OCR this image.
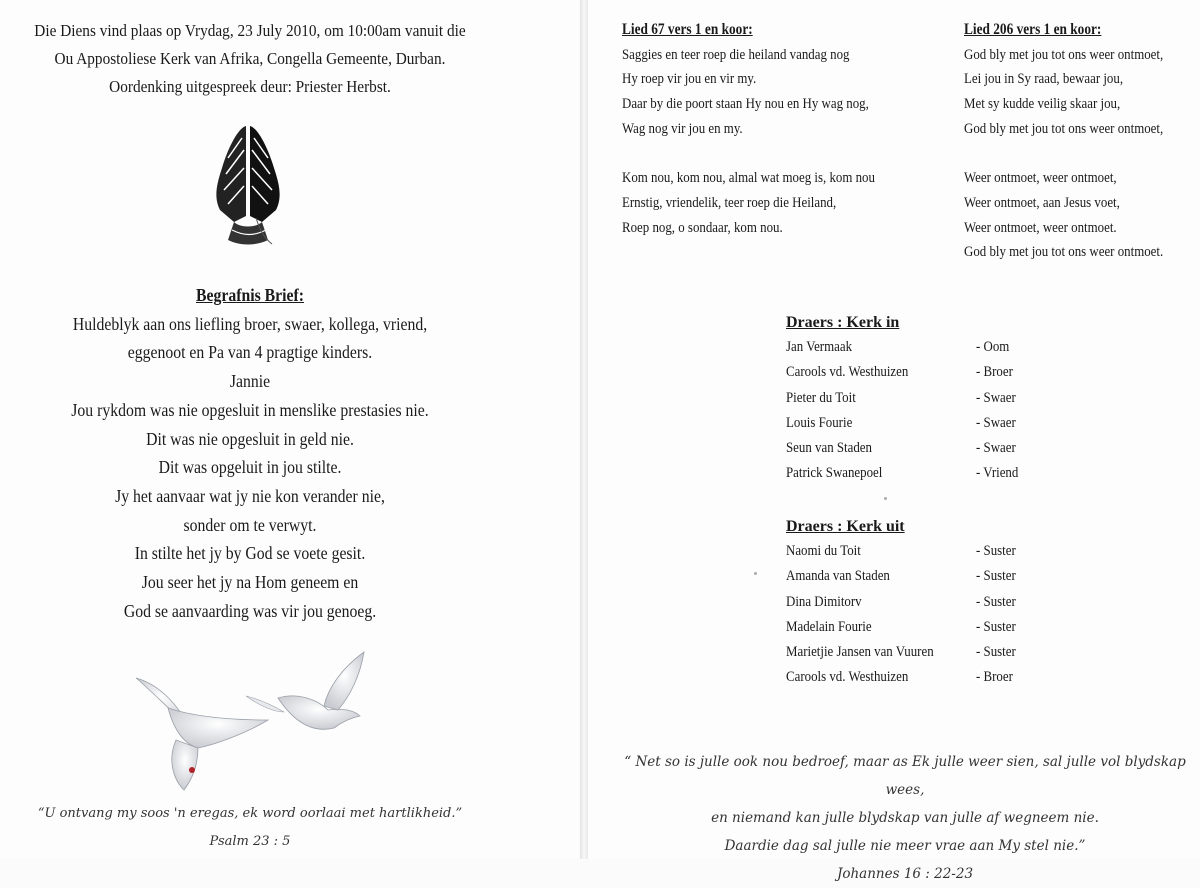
Die Diens vind plaas op Vrydag, 23 July 2010, om 10:00am vanuit die
Ou Appostoliese Kerk van Afrika, Congella Gemeente, Durban.
Oordenking uitgespreek deur: Priester Herbst.
Begrafnis Brief:
Huldeblyk aan ons liefling broer, swaer, kollega, vriend,
eggenoot en Pa van 4 pragtige kinders.
Jannie
Jou rykdom was nie opgesluit in menslike prestasies nie.
Dit was nie opgesluit in geld nie.
Dit was opgeluit in jou stilte.
Jy het aanvaar wat jy nie kon verander nie,
sonder om te verwyt.
In stilte het jy by God se voete gesit.
Jou seer het jy na Hom geneem en
God se aanvaarding was vir jou genoeg.
“U ontvang my soos 'n eregas, ek word oorlaai met hartlikheid.”
Psalm 23 : 5
Lied 67 vers 1 en koor:
Saggies en teer roep die heiland vandag nog
Hy roep vir jou en vir my.
Daar by die poort staan Hy nou en Hy wag nog,
Wag nog vir jou en my.
Kom nou, kom nou, almal wat moeg is, kom nou
Ernstig, vriendelik, teer roep die Heiland,
Roep nog, o sondaar, kom nou.
Lied 206 vers 1 en koor:
God bly met jou tot ons weer ontmoet,
Lei jou in Sy raad, bewaar jou,
Met sy kudde veilig skaar jou,
God bly met jou tot ons weer ontmoet,
Weer ontmoet, weer ontmoet,
Weer ontmoet, aan Jesus voet,
Weer ontmoet, weer ontmoet.
God bly met jou tot ons weer ontmoet.
Draers : Kerk in
Jan Vermaak	- Oom
Carools vd. Westhuizen	- Broer
Pieter du Toit	- Swaer
Louis Fourie	- Swaer
Seun van Staden	- Swaer
Patrick Swanepoel	- Vriend
Draers : Kerk uit
Naomi du Toit	- Suster
Amanda van Staden	- Suster
Dina Dimitorv	- Suster
Madelain Fourie	- Suster
Marietjie Jansen van Vuuren	- Suster
Carools vd. Westhuizen	- Broer
“ Net so is julle ook nou bedroef, maar as Ek julle weer sien, sal julle vol blydskap wees,
en niemand kan julle blydskap van julle af wegneem nie.
Daardie dag sal julle nie meer vrae aan My stel nie.”
Johannes 16 : 22-23
